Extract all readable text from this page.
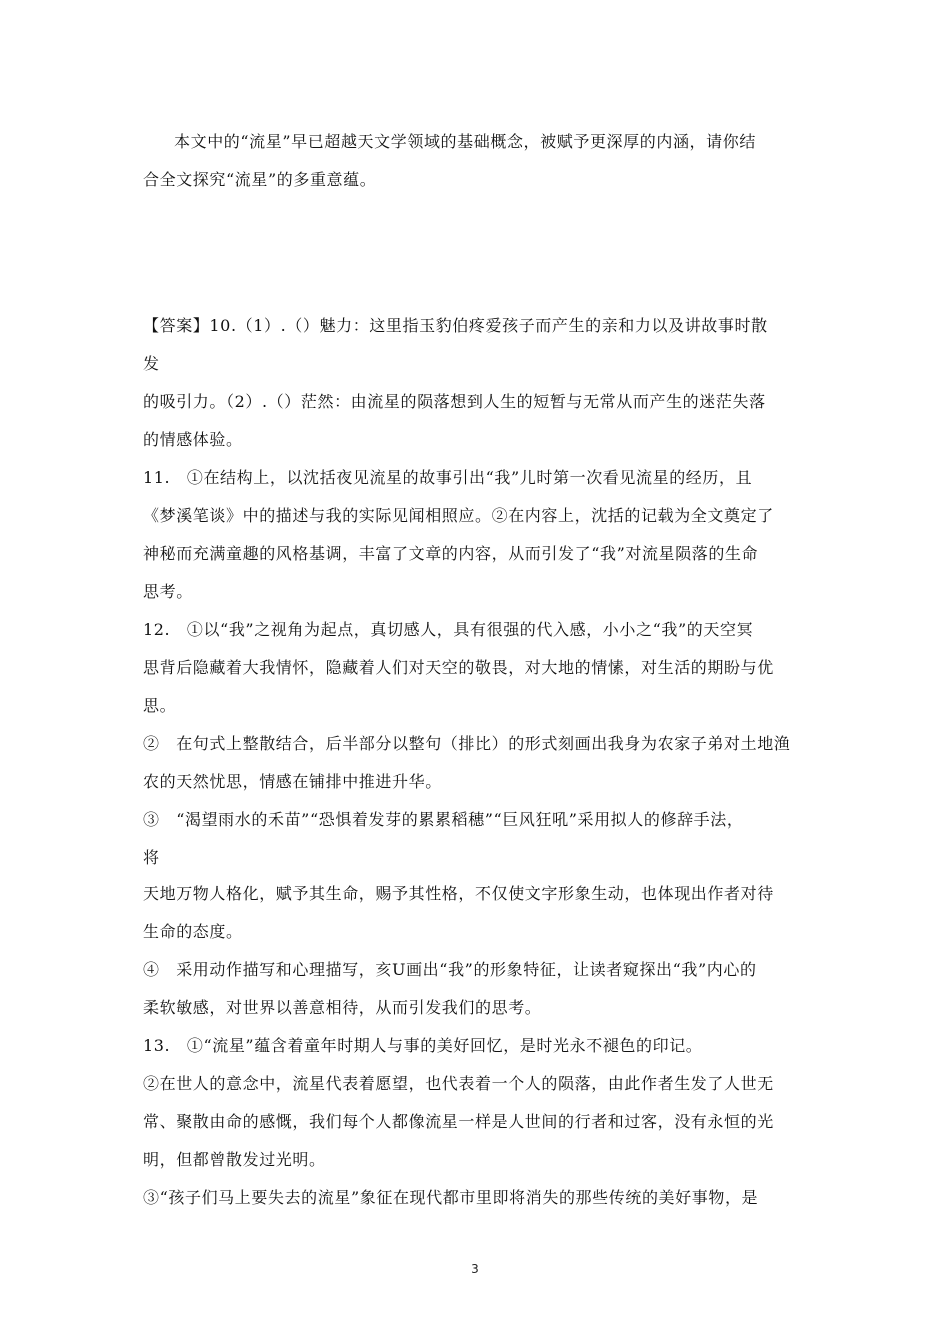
本文中的“流星”早已超越天文学领域的基础概念，被赋予更深厚的内涵，请你结
合全文探究“流星”的多重意蕴。
【答案】10.（1）.（）魅力：这里指玉豹伯疼爱孩子而产生的亲和力以及讲故事时散
发
的吸引力。（2）.（）茫然：由流星的陨落想到人生的短暂与无常从而产生的迷茫失落
的情感体验。
11.　①在结构上，以沈括夜见流星的故事引出“我”儿时第一次看见流星的经历，且
《梦溪笔谈》中的描述与我的实际见闻相照应。②在内容上，沈括的记载为全文奠定了
神秘而充满童趣的风格基调，丰富了文章的内容，从而引发了“我”对流星陨落的生命
思考。
12.　①以“我”之视角为起点，真切感人，具有很强的代入感，小小之“我”的天空冥
思背后隐藏着大我情怀，隐藏着人们对天空的敬畏，对大地的情愫，对生活的期盼与优
思。
②　在句式上整散结合，后半部分以整句（排比）的形式刻画出我身为农家子弟对土地渔
农的天然忧思，情感在铺排中推进升华。
③　“渴望雨水的禾苗”“恐惧着发芽的累累稻穗”“巨风狂吼”采用拟人的修辞手法，
将
天地万物人格化，赋予其生命，赐予其性格，不仅使文字形象生动，也体现出作者对待
生命的态度。
④　采用动作描写和心理描写，亥U画出“我”的形象特征，让读者窥探出“我”内心的
柔软敏感，对世界以善意相待，从而引发我们的思考。
13.　①“流星”蕴含着童年时期人与事的美好回忆，是时光永不褪色的印记。
②在世人的意念中，流星代表着愿望，也代表着一个人的陨落，由此作者生发了人世无
常、聚散由命的感慨，我们每个人都像流星一样是人世间的行者和过客，没有永恒的光
明，但都曾散发过光明。
③“孩子们马上要失去的流星”象征在现代都市里即将消失的那些传统的美好事物，是
3
